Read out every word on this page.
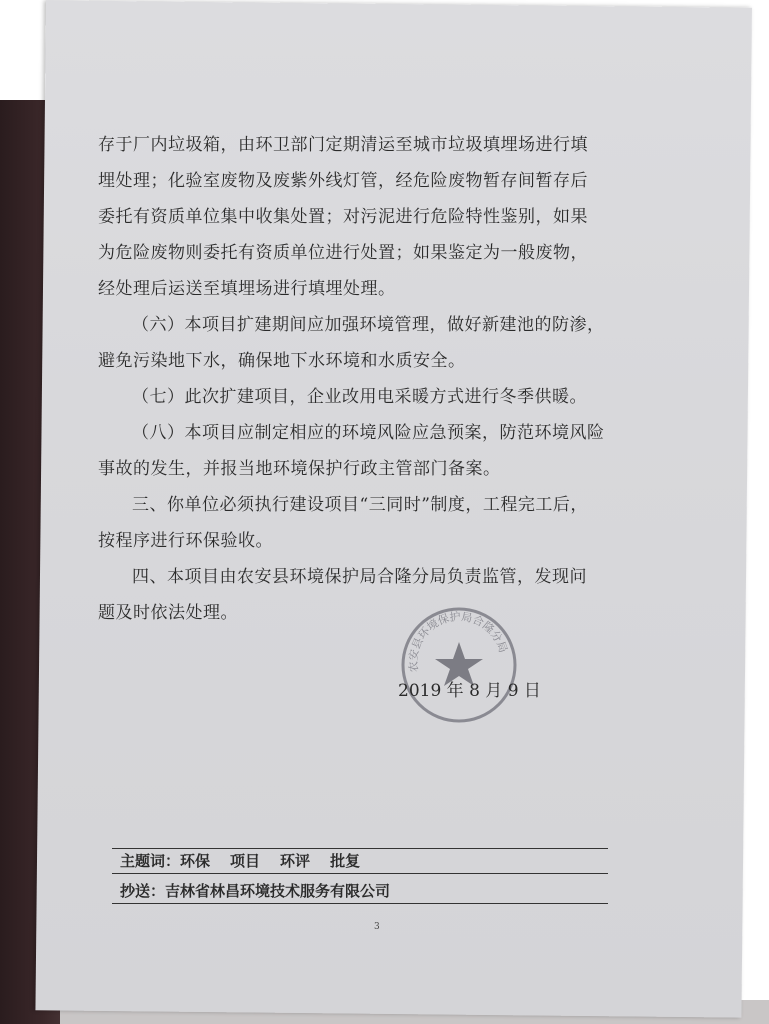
存于厂内垃圾箱，由环卫部门定期清运至城市垃圾填埋场进行填

埋处理；化验室废物及废紫外线灯管，经危险废物暂存间暂存后

委托有资质单位集中收集处置；对污泥进行危险特性鉴别，如果

为危险废物则委托有资质单位进行处置；如果鉴定为一般废物，

经处理后运送至填埋场进行填埋处理。

（六）本项目扩建期间应加强环境管理，做好新建池的防渗，

避免污染地下水，确保地下水环境和水质安全。

（七）此次扩建项目，企业改用电采暖方式进行冬季供暖。

（八）本项目应制定相应的环境风险应急预案，防范环境风险

事故的发生，并报当地环境保护行政主管部门备案。

三、你单位必须执行建设项目“三同时”制度，工程完工后，

按程序进行环保验收。

四、本项目由农安县环境保护局合隆分局负责监管，发现问

题及时依法处理。

农安县环境保护局合隆分局
2019 年 8 月 9 日
主题词：环保 项目 环评 批复
抄送：吉林省林昌环境技术服务有限公司
3
